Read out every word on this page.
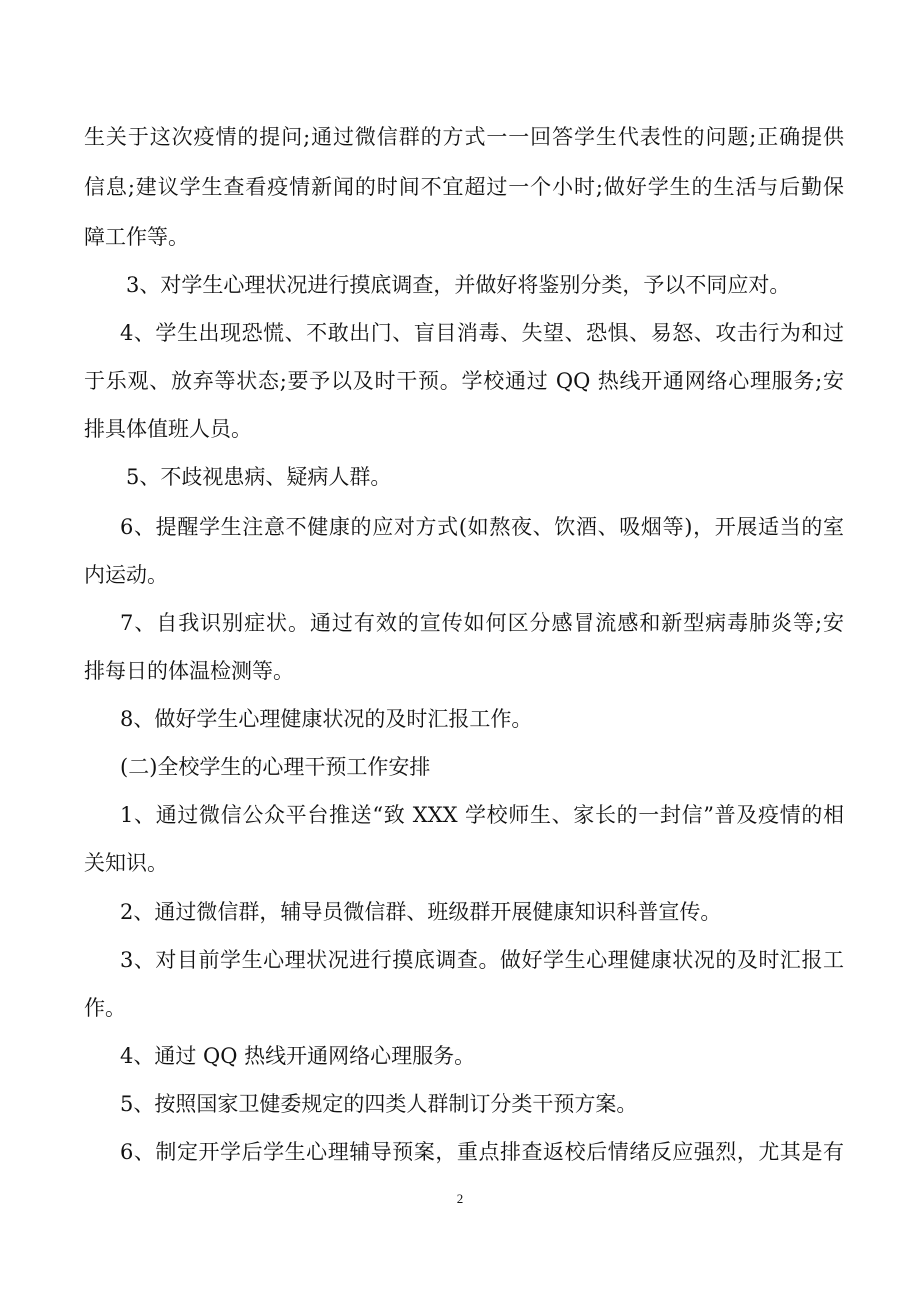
生关于这次疫情的提问;通过微信群的方式一一回答学生代表性的问题;正确提供
信息;建议学生查看疫情新闻的时间不宜超过一个小时;做好学生的生活与后勤保
障工作等。
3、对学生心理状况进行摸底调查，并做好将鉴别分类，予以不同应对。
4、学生出现恐慌、不敢出门、盲目消毒、失望、恐惧、易怒、攻击行为和过
于乐观、放弃等状态;要予以及时干预。学校通过 QQ 热线开通网络心理服务;安
排具体值班人员。
5、不歧视患病、疑病人群。
6、提醒学生注意不健康的应对方式(如熬夜、饮酒、吸烟等)，开展适当的室
内运动。
7、自我识别症状。通过有效的宣传如何区分感冒流感和新型病毒肺炎等;安
排每日的体温检测等。
8、做好学生心理健康状况的及时汇报工作。
(二)全校学生的心理干预工作安排
1、通过微信公众平台推送“致 XXX 学校师生、家长的一封信”普及疫情的相
关知识。
2、通过微信群，辅导员微信群、班级群开展健康知识科普宣传。
3、对目前学生心理状况进行摸底调查。做好学生心理健康状况的及时汇报工
作。
4、通过 QQ 热线开通网络心理服务。
5、按照国家卫健委规定的四类人群制订分类干预方案。
6、制定开学后学生心理辅导预案，重点排查返校后情绪反应强烈，尤其是有
2
